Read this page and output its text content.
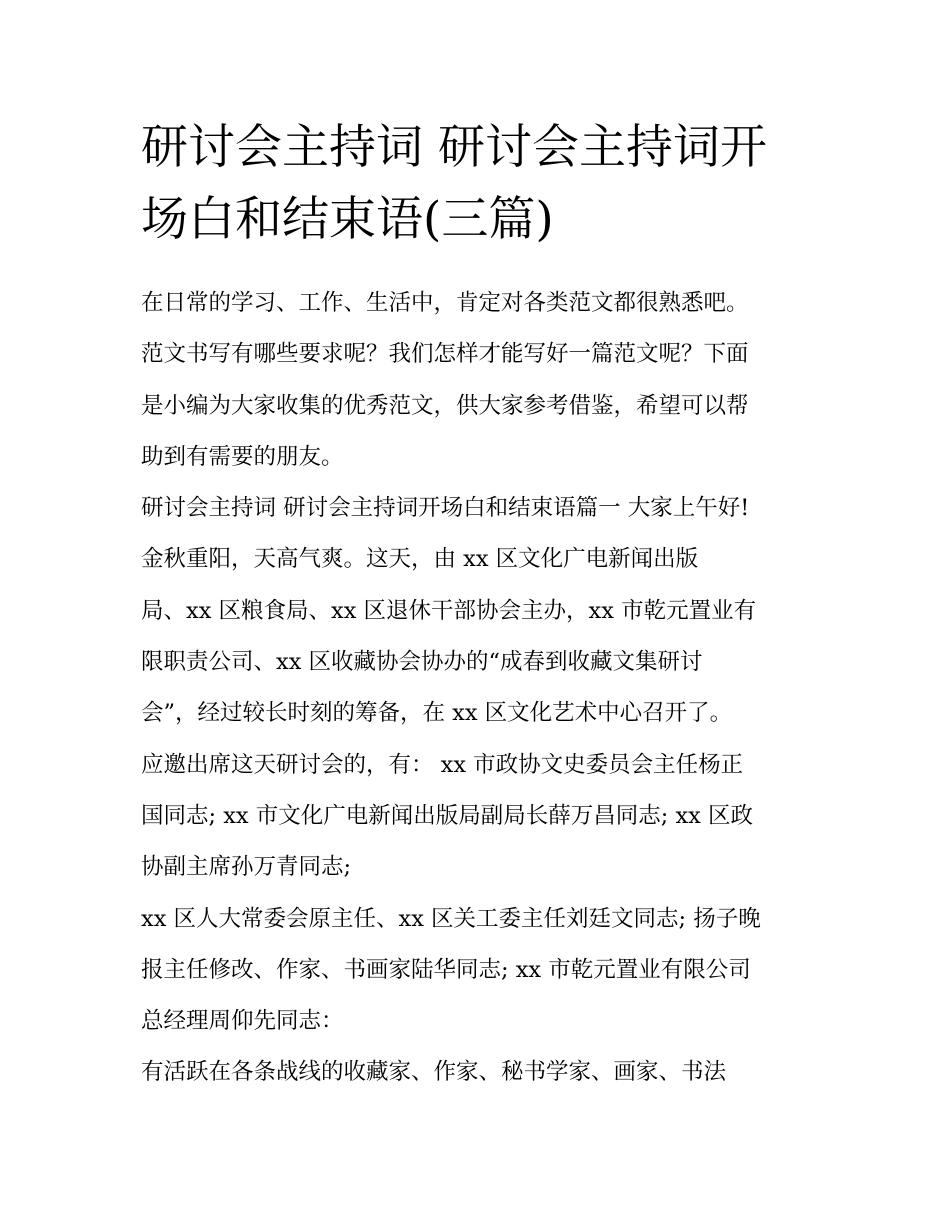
研讨会主持词 研讨会主持词开
场白和结束语(三篇)
在日常的学习、工作、生活中，肯定对各类范文都很熟悉吧。
范文书写有哪些要求呢？我们怎样才能写好一篇范文呢？下面
是小编为大家收集的优秀范文，供大家参考借鉴，希望可以帮
助到有需要的朋友。
研讨会主持词 研讨会主持词开场白和结束语篇一 大家上午好!
金秋重阳，天高气爽。这天，由 xx 区文化广电新闻出版
局、xx 区粮食局、xx 区退休干部协会主办，xx 市乾元置业有
限职责公司、xx 区收藏协会协办的“成春到收藏文集研讨
会”，经过较长时刻的筹备，在 xx 区文化艺术中心召开了。
应邀出席这天研讨会的，有： xx 市政协文史委员会主任杨正
国同志; xx 市文化广电新闻出版局副局长薛万昌同志; xx 区政
协副主席孙万青同志;
xx 区人大常委会原主任、xx 区关工委主任刘廷文同志; 扬子晚
报主任修改、作家、书画家陆华同志; xx 市乾元置业有限公司
总经理周仰先同志：
有活跃在各条战线的收藏家、作家、秘书学家、画家、书法
